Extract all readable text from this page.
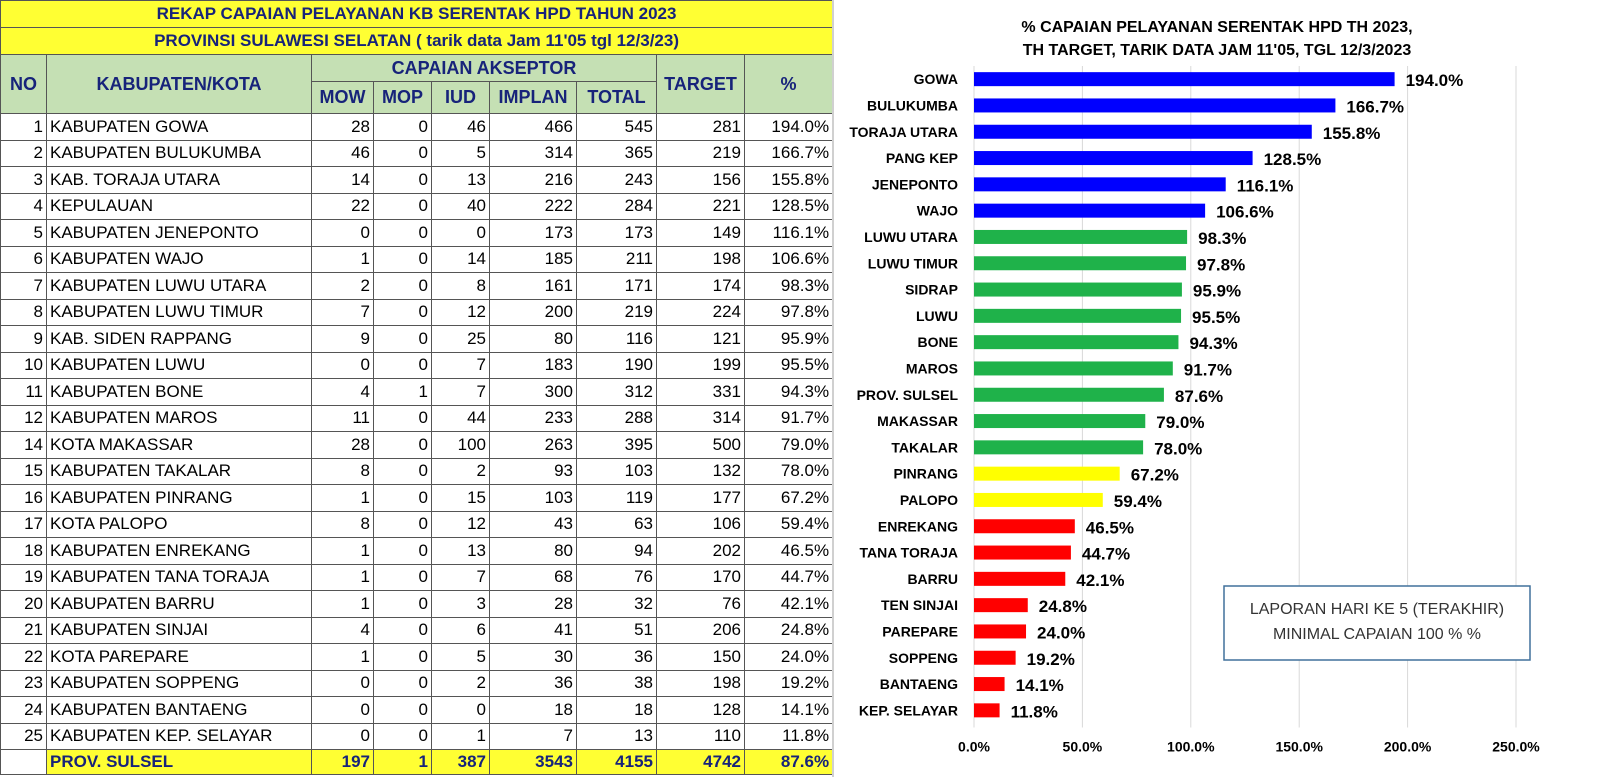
REKAP CAPAIAN PELAYANAN KB SERENTAK HPD TAHUN 2023								
PROVINSI SULAWESI SELATAN ( tarik data Jam 11'05 tgl 12/3/23)								
NO	KABUPATEN/KOTA	CAPAIAN AKSEPTOR					TARGET	%
		MOW	MOP	IUD	IMPLAN	TOTAL		
1	KABUPATEN GOWA	28	0	46	466	545	281	194.0%
2	KABUPATEN BULUKUMBA	46	0	5	314	365	219	166.7%
3	KAB. TORAJA UTARA	14	0	13	216	243	156	155.8%
4	KEPULAUAN	22	0	40	222	284	221	128.5%
5	KABUPATEN JENEPONTO	0	0	0	173	173	149	116.1%
6	KABUPATEN WAJO	1	0	14	185	211	198	106.6%
7	KABUPATEN LUWU UTARA	2	0	8	161	171	174	98.3%
8	KABUPATEN LUWU TIMUR	7	0	12	200	219	224	97.8%
9	KAB. SIDEN RAPPANG	9	0	25	80	116	121	95.9%
10	KABUPATEN LUWU	0	0	7	183	190	199	95.5%
11	KABUPATEN BONE	4	1	7	300	312	331	94.3%
12	KABUPATEN MAROS	11	0	44	233	288	314	91.7%
14	KOTA MAKASSAR	28	0	100	263	395	500	79.0%
15	KABUPATEN TAKALAR	8	0	2	93	103	132	78.0%
16	KABUPATEN PINRANG	1	0	15	103	119	177	67.2%
17	KOTA PALOPO	8	0	12	43	63	106	59.4%
18	KABUPATEN ENREKANG	1	0	13	80	94	202	46.5%
19	KABUPATEN TANA TORAJA	1	0	7	68	76	170	44.7%
20	KABUPATEN BARRU	1	0	3	28	32	76	42.1%
21	KABUPATEN SINJAI	4	0	6	41	51	206	24.8%
22	KOTA PAREPARE	1	0	5	30	36	150	24.0%
23	KABUPATEN SOPPENG	0	0	2	36	38	198	19.2%
24	KABUPATEN BANTAENG	0	0	0	18	18	128	14.1%
25	KABUPATEN KEP. SELAYAR	0	0	1	7	13	110	11.8%
	PROV. SULSEL	197	1	387	3543	4155	4742	87.6%
% CAPAIAN PELAYANAN SERENTAK HPD TH 2023,
TH TARGET, TARIK DATA JAM 11'05, TGL 12/3/2023
GOWA
BULUKUMBA
TORAJA UTARA
PANG KEP
JENEPONTO
WAJO
LUWU UTARA
LUWU TIMUR
SIDRAP
LUWU
BONE
MAROS
PROV. SULSEL
MAKASSAR
TAKALAR
PINRANG
PALOPO
ENREKANG
TANA TORAJA
BARRU
TEN SINJAI
PAREPARE
SOPPENG
BANTAENG
KEP. SELAYAR
194.0%
166.7%
155.8%
128.5%
116.1%
106.6%
98.3%
97.8%
95.9%
95.5%
94.3%
91.7%
87.6%
79.0%
78.0%
67.2%
59.4%
46.5%
44.7%
42.1%
24.8%
24.0%
19.2%
14.1%
11.8%
0.0%	50.0%	100.0%	150.0%	200.0%	250.0%
LAPORAN HARI KE 5 (TERAKHIR)
MINIMAL CAPAIAN 100 % %
